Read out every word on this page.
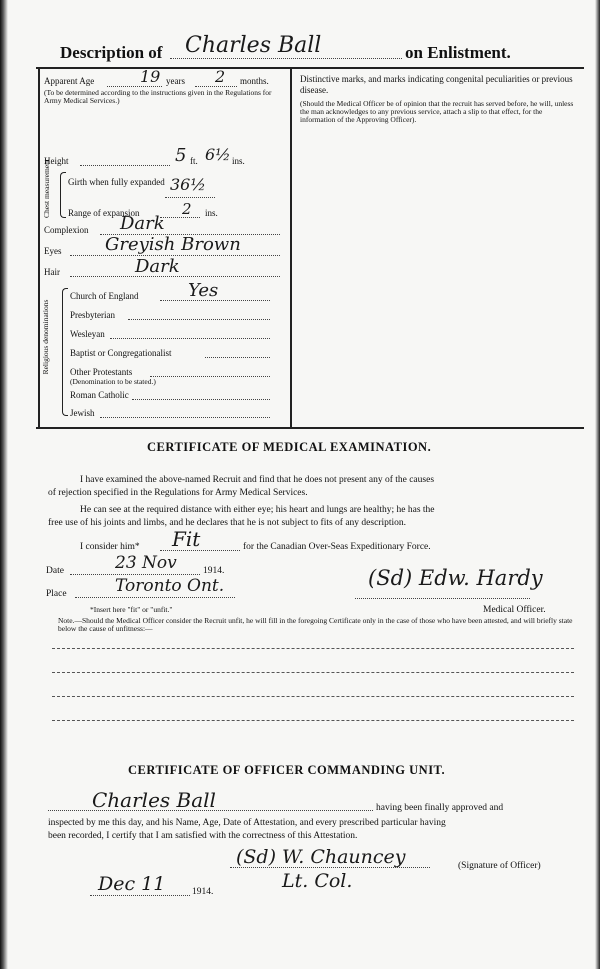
Description of Charles Ball	on Enlistment.
Apparent Age	19 years 2 months.
(To be determined according to the instructions given in the Regulations for Army Medical Services.)
Height	5 ft. 6½ ins.
Chest measurement Girth when fully expanded 36½
Range of expansion	2 ins.
Complexion Dark
Eyes Greyish Brown
Hair	Dark
Religious denominations
Church of England	Yes
Presbyterian
Wesleyan
Baptist or Congregationalist
Other Protestants
(Denomination to be stated.)
Roman Catholic
Jewish
Distinctive marks, and marks indicating congenital peculiarities or previous disease.
(Should the Medical Officer be of opinion that the recruit has served before, he will, unless the man acknowledges to any previous service, attach a slip to that effect, for the information of the Approving Officer).
CERTIFICATE OF MEDICAL EXAMINATION.
I have examined the above-named Recruit and find that he does not present any of the causes
of rejection specified in the Regulations for Army Medical Services.
He can see at the required distance with either eye; his heart and lungs are healthy; he has the
free use of his joints and limbs, and he declares that he is not subject to fits of any description.
I consider him* Fit	for the Canadian Over-Seas Expeditionary Force.
Date	23 Nov	1914.
Place	Toronto Ont.	(Sd) Edw. Hardy
Medical Officer.
*Insert here "fit" or "unfit."
Note.—Should the Medical Officer consider the Recruit unfit, he will fill in the foregoing Certificate only in the case of those who have been attested, and will briefly state below the cause of unfitness:—
CERTIFICATE OF OFFICER COMMANDING UNIT.
Charles Ball	having been finally approved and
inspected by me this day, and his Name, Age, Date of Attestation, and every prescribed particular having
been recorded, I certify that I am satisfied with the correctness of this Attestation.
(Sd) W. Chauncey	(Signature of Officer)
Dec 11	1914.	Lt. Col.
